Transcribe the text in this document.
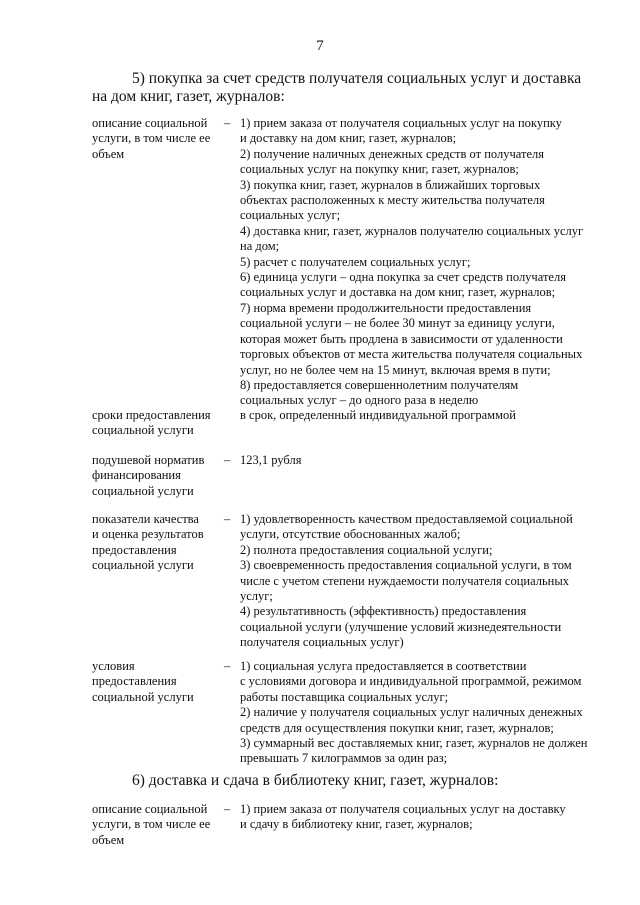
7
5) покупка за счет средств получателя социальных услуг и доставка
на дом книг, газет, журналов:
описание социальной
услуги, в том числе ее
объем
– 1) прием заказа от получателя социальных услуг на покупку
и доставку на дом книг, газет, журналов;
2) получение наличных денежных средств от получателя
социальных услуг на покупку книг, газет, журналов;
3) покупка книг, газет, журналов в ближайших торговых
объектах расположенных к месту жительства получателя
социальных услуг;
4) доставка книг, газет, журналов получателю социальных услуг
на дом;
5) расчет с получателем социальных услуг;
6) единица услуги – одна покупка за счет средств получателя
социальных услуг и доставка на дом книг, газет, журналов;
7) норма времени продолжительности предоставления
социальной услуги – не более 30 минут за единицу услуги,
которая может быть продлена в зависимости от удаленности
торговых объектов от места жительства получателя социальных
услуг, но не более чем на 15 минут, включая время в пути;
8) предоставляется совершеннолетним получателям
социальных услуг – до одного раза в неделю
сроки предоставления
социальной услуги
в срок, определенный индивидуальной программой
подушевой норматив
финансирования
социальной услуги
– 123,1 рубля
показатели качества
и оценка результатов
предоставления
социальной услуги
– 1) удовлетворенность качеством предоставляемой социальной
услуги, отсутствие обоснованных жалоб;
2) полнота предоставления социальной услуги;
3) своевременность предоставления социальной услуги, в том
числе с учетом степени нуждаемости получателя социальных
услуг;
4) результативность (эффективность) предоставления
социальной услуги (улучшение условий жизнедеятельности
получателя социальных услуг)
условия
предоставления
социальной услуги
– 1) социальная услуга предоставляется в соответствии
с условиями договора и индивидуальной программой, режимом
работы поставщика социальных услуг;
2) наличие у получателя социальных услуг наличных денежных
средств для осуществления покупки книг, газет, журналов;
3) суммарный вес доставляемых книг, газет, журналов не должен
превышать 7 килограммов за один раз;
6) доставка и сдача в библиотеку книг, газет, журналов:
описание социальной
услуги, в том числе ее
объем
– 1) прием заказа от получателя социальных услуг на доставку
и сдачу в библиотеку книг, газет, журналов;
